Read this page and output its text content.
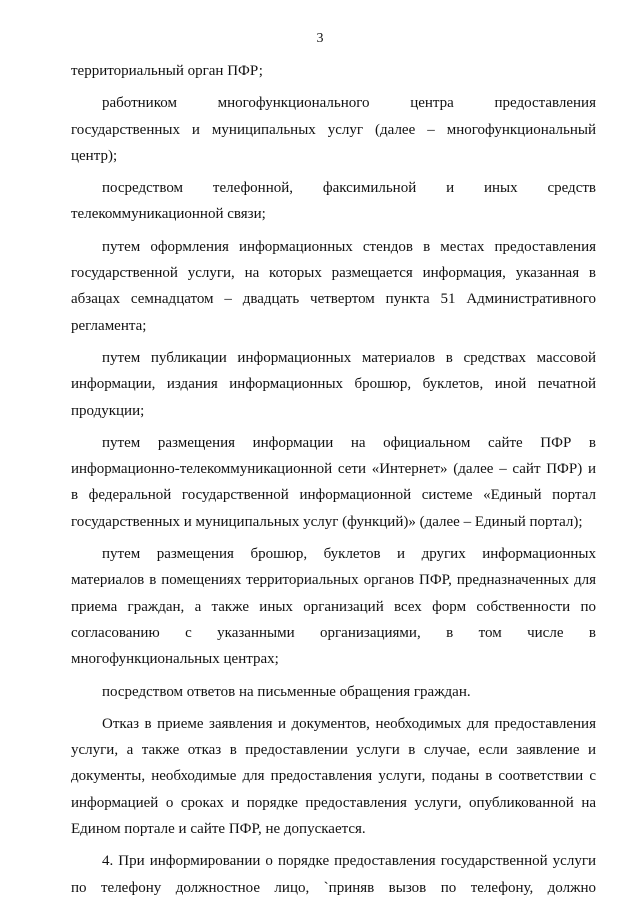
3

территориальный орган ПФР;

работником многофункционального центра предоставления
государственных и муниципальных услуг (далее – многофункциональный
центр);

посредством телефонной, факсимильной и иных средств
телекоммуникационной связи;

путем оформления информационных стендов в местах предоставления
государственной услуги, на которых размещается информация, указанная в
абзацах семнадцатом – двадцать четвертом пункта 51 Административного
регламента;

путем публикации информационных материалов в средствах массовой
информации, издания информационных брошюр, буклетов, иной печатной
продукции;

путем размещения информации на официальном сайте ПФР в
информационно-телекоммуникационной сети «Интернет» (далее – сайт ПФР) и
в федеральной государственной информационной системе «Единый портал
государственных и муниципальных услуг (функций)» (далее – Единый портал);

путем размещения брошюр, буклетов и других информационных
материалов в помещениях территориальных органов ПФР, предназначенных для
приема граждан, а также иных организаций всех форм собственности по
согласованию с указанными организациями, в том числе в
многофункциональных центрах;

посредством ответов на письменные обращения граждан.

Отказ в приеме заявления и документов, необходимых для предоставления
услуги, а также отказ в предоставлении услуги в случае, если заявление и
документы, необходимые для предоставления услуги, поданы в соответствии с
информацией о сроках и порядке предоставления услуги, опубликованной на
Едином портале и сайте ПФР, не допускается.

4. При информировании о порядке предоставления государственной услуги
по телефону должностное лицо, `приняв вызов по телефону, должно
